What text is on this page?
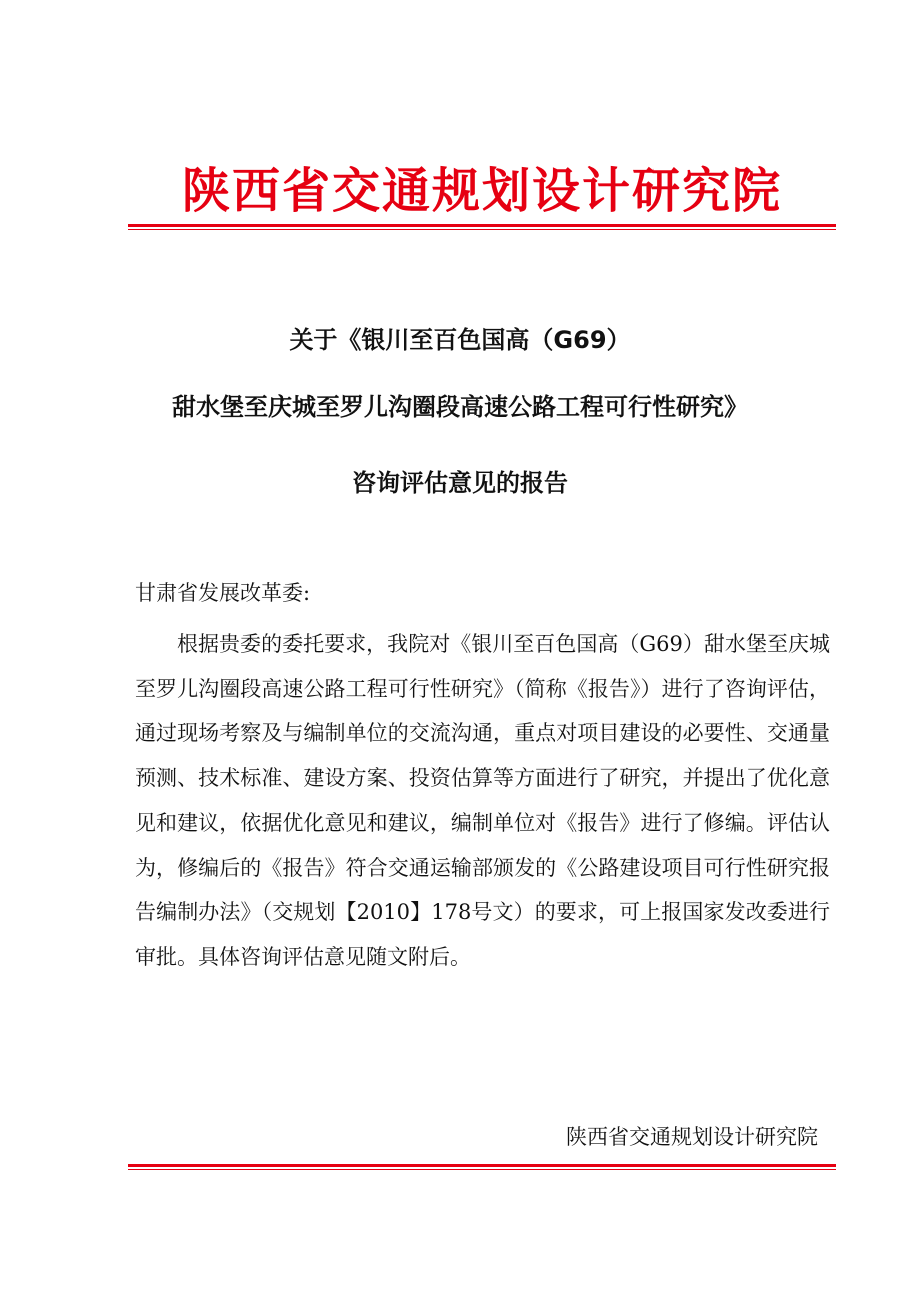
陕西省交通规划设计研究院
关于《银川至百色国高（G69）
甜水堡至庆城至罗儿沟圈段高速公路工程可行性研究》
咨询评估意见的报告
甘肃省发展改革委:
根据贵委的委托要求，我院对《银川至百色国高（G69）甜水堡至庆城至罗儿沟圈段高速公路工程可行性研究》（简称《报告》）进行了咨询评估，通过现场考察及与编制单位的交流沟通，重点对项目建设的必要性、交通量预测、技术标准、建设方案、投资估算等方面进行了研究，并提出了优化意见和建议，依据优化意见和建议，编制单位对《报告》进行了修编。评估认为，修编后的《报告》符合交通运输部颁发的《公路建设项目可行性研究报告编制办法》（交规划【2010】178号文）的要求，可上报国家发改委进行审批。具体咨询评估意见随文附后。
陕西省交通规划设计研究院
